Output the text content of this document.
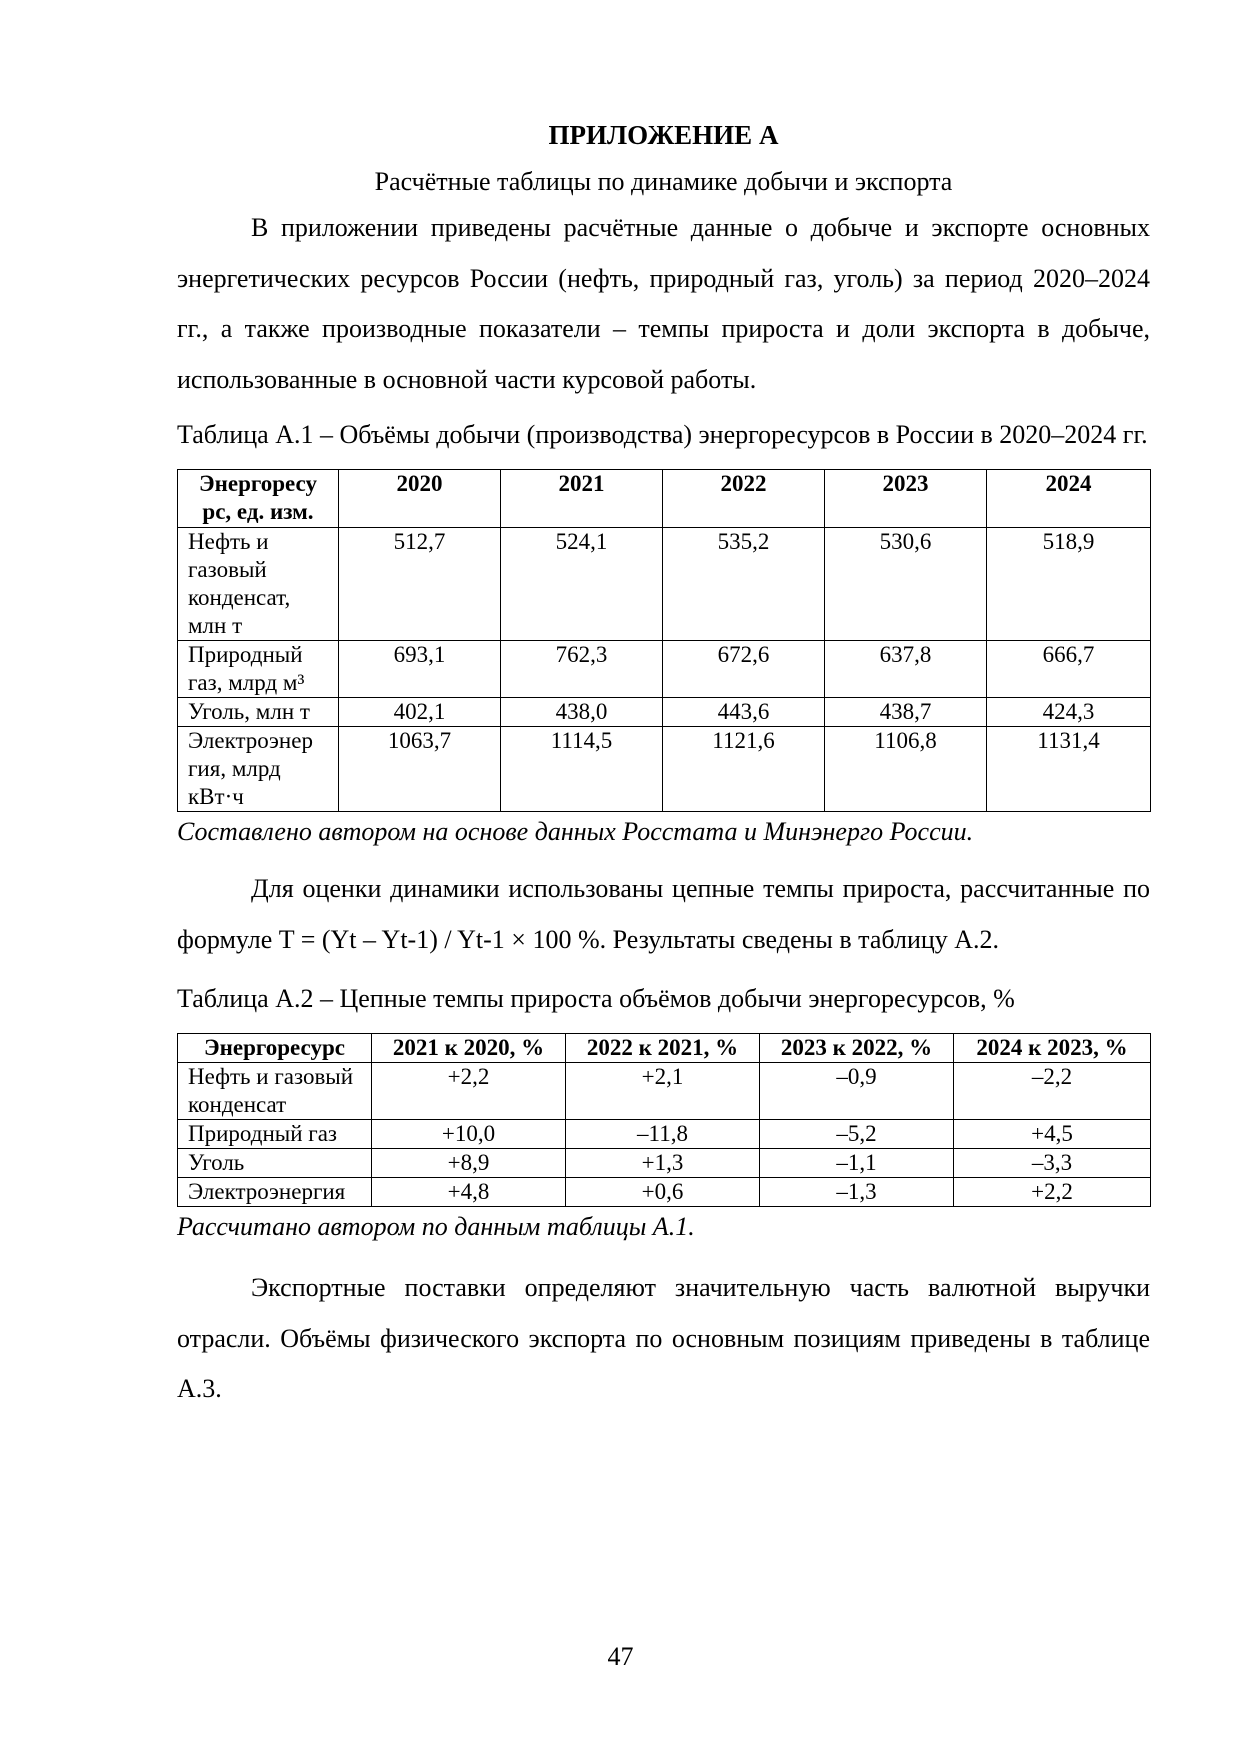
ПРИЛОЖЕНИЕ А

Расчётные таблицы по динамике добычи и экспорта

В приложении приведены расчётные данные о добыче и экспорте основных энергетических ресурсов России (нефть, природный газ, уголь) за период 2020–2024 гг., а также производные показатели – темпы прироста и доли экспорта в добыче, использованные в основной части курсовой работы.

Таблица А.1 – Объёмы добычи (производства) энергоресурсов в России в 2020–2024 гг.

Энергоресу рс, ед. изм.	2020	2021	2022	2023	2024
Нефть и газовый конденсат, млн т	512,7	524,1	535,2	530,6	518,9
Природный газ, млрд м³	693,1	762,3	672,6	637,8	666,7
Уголь, млн т	402,1	438,0	443,6	438,7	424,3
Электроэнер гия, млрд кВт·ч	1063,7	1114,5	1121,6	1106,8	1131,4

Составлено автором на основе данных Росстата и Минэнерго России.

Для оценки динамики использованы цепные темпы прироста, рассчитанные по формуле T = (Yt – Yt-1) / Yt-1 × 100 %. Результаты сведены в таблицу А.2.

Таблица А.2 – Цепные темпы прироста объёмов добычи энергоресурсов, %

Энергоресурс	2021 к 2020, %	2022 к 2021, %	2023 к 2022, %	2024 к 2023, %
Нефть и газовый конденсат	+2,2	+2,1	–0,9	–2,2
Природный газ	+10,0	–11,8	–5,2	+4,5
Уголь	+8,9	+1,3	–1,1	–3,3
Электроэнергия	+4,8	+0,6	–1,3	+2,2

Рассчитано автором по данным таблицы А.1.

Экспортные поставки определяют значительную часть валютной выручки отрасли. Объёмы физического экспорта по основным позициям приведены в таблице А.3.

47
